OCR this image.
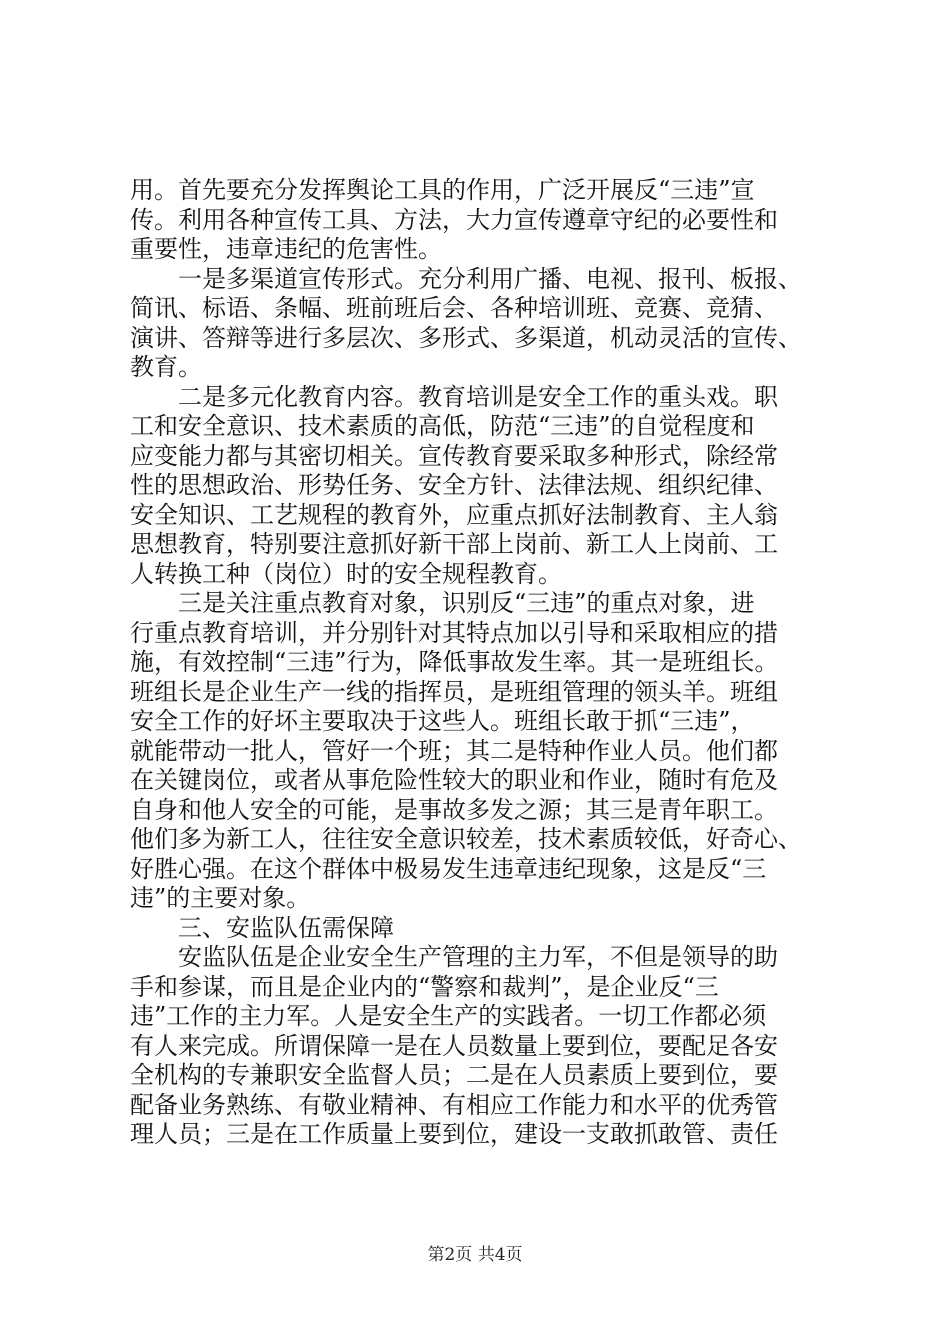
用。首先要充分发挥舆论工具的作用，广泛开展反“三违”宣
传。利用各种宣传工具、方法，大力宣传遵章守纪的必要性和
重要性，违章违纪的危害性。
　　一是多渠道宣传形式。充分利用广播、电视、报刊、板报、
简讯、标语、条幅、班前班后会、各种培训班、竞赛、竞猜、
演讲、答辩等进行多层次、多形式、多渠道，机动灵活的宣传、
教育。
　　二是多元化教育内容。教育培训是安全工作的重头戏。职
工和安全意识、技术素质的高低，防范“三违”的自觉程度和
应变能力都与其密切相关。宣传教育要采取多种形式，除经常
性的思想政治、形势任务、安全方针、法律法规、组织纪律、
安全知识、工艺规程的教育外，应重点抓好法制教育、主人翁
思想教育，特别要注意抓好新干部上岗前、新工人上岗前、工
人转换工种（岗位）时的安全规程教育。
　　三是关注重点教育对象，识别反“三违”的重点对象，进
行重点教育培训，并分别针对其特点加以引导和采取相应的措
施，有效控制“三违”行为，降低事故发生率。其一是班组长。
班组长是企业生产一线的指挥员，是班组管理的领头羊。班组
安全工作的好坏主要取决于这些人。班组长敢于抓“三违”，
就能带动一批人，管好一个班；其二是特种作业人员。他们都
在关键岗位，或者从事危险性较大的职业和作业，随时有危及
自身和他人安全的可能，是事故多发之源；其三是青年职工。
他们多为新工人，往往安全意识较差，技术素质较低，好奇心、
好胜心强。在这个群体中极易发生违章违纪现象，这是反“三
违”的主要对象。
　　三、安监队伍需保障
　　安监队伍是企业安全生产管理的主力军，不但是领导的助
手和参谋，而且是企业内的“警察和裁判”，是企业反“三
违”工作的主力军。人是安全生产的实践者。一切工作都必须
有人来完成。所谓保障一是在人员数量上要到位，要配足各安
全机构的专兼职安全监督人员；二是在人员素质上要到位，要
配备业务熟练、有敬业精神、有相应工作能力和水平的优秀管
理人员；三是在工作质量上要到位，建设一支敢抓敢管、责任
第2页 共4页
